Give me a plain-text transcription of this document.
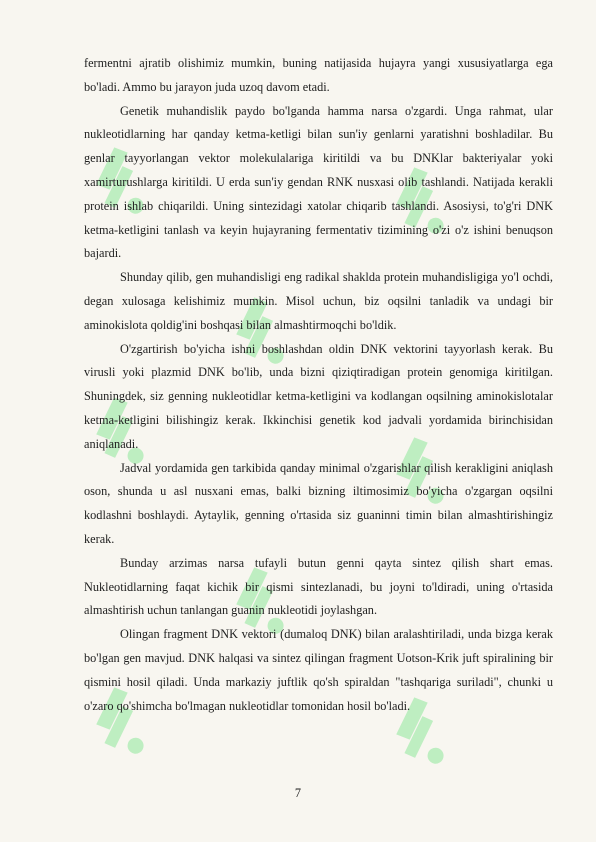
fermentni ajratib olishimiz mumkin, buning natijasida hujayra yangi xususiyatlarga ega bo'ladi. Ammo bu jarayon juda uzoq davom etadi.

Genetik muhandislik paydo bo'lganda hamma narsa o'zgardi. Unga rahmat, ular nukleotidlarning har qanday ketma-ketligi bilan sun'iy genlarni yaratishni boshladilar. Bu genlar tayyorlangan vektor molekulalariga kiritildi va bu DNKlar bakteriyalar yoki xamirturushlarga kiritildi. U erda sun'iy gendan RNK nusxasi olib tashlandi. Natijada kerakli protein ishlab chiqarildi. Uning sintezidagi xatolar chiqarib tashlandi. Asosiysi, to'g'ri DNK ketma-ketligini tanlash va keyin hujayraning fermentativ tizimining o'zi o'z ishini benuqson bajardi.

Shunday qilib, gen muhandisligi eng radikal shaklda protein muhandisligiga yo'l ochdi, degan xulosaga kelishimiz mumkin. Misol uchun, biz oqsilni tanladik va undagi bir aminokislota qoldig'ini boshqasi bilan almashtirmoqchi bo'ldik.

O'zgartirish bo'yicha ishni boshlashdan oldin DNK vektorini tayyorlash kerak. Bu virusli yoki plazmid DNK bo'lib, unda bizni qiziqtiradigan protein genomiga kiritilgan. Shuningdek, siz genning nukleotidlar ketma-ketligini va kodlangan oqsilning aminokislotalar ketma-ketligini bilishingiz kerak. Ikkinchisi genetik kod jadvali yordamida birinchisidan aniqlanadi.

Jadval yordamida gen tarkibida qanday minimal o'zgarishlar qilish kerakligini aniqlash oson, shunda u asl nusxani emas, balki bizning iltimosimiz bo'yicha o'zgargan oqsilni kodlashni boshlaydi. Aytaylik, genning o'rtasida siz guaninni timin bilan almashtirishingiz kerak.

Bunday arzimas narsa tufayli butun genni qayta sintez qilish shart emas. Nukleotidlarning faqat kichik bir qismi sintezlanadi, bu joyni to'ldiradi, uning o'rtasida almashtirish uchun tanlangan guanin nukleotidi joylashgan.

Olingan fragment DNK vektori (dumaloq DNK) bilan aralashtiriladi, unda bizga kerak bo'lgan gen mavjud. DNK halqasi va sintez qilingan fragment Uotson-Krik juft spiralining bir qismini hosil qiladi. Unda markaziy juftlik qo'sh spiraldan "tashqariga suriladi", chunki u o'zaro qo'shimcha bo'lmagan nukleotidlar tomonidan hosil bo'ladi.

7
